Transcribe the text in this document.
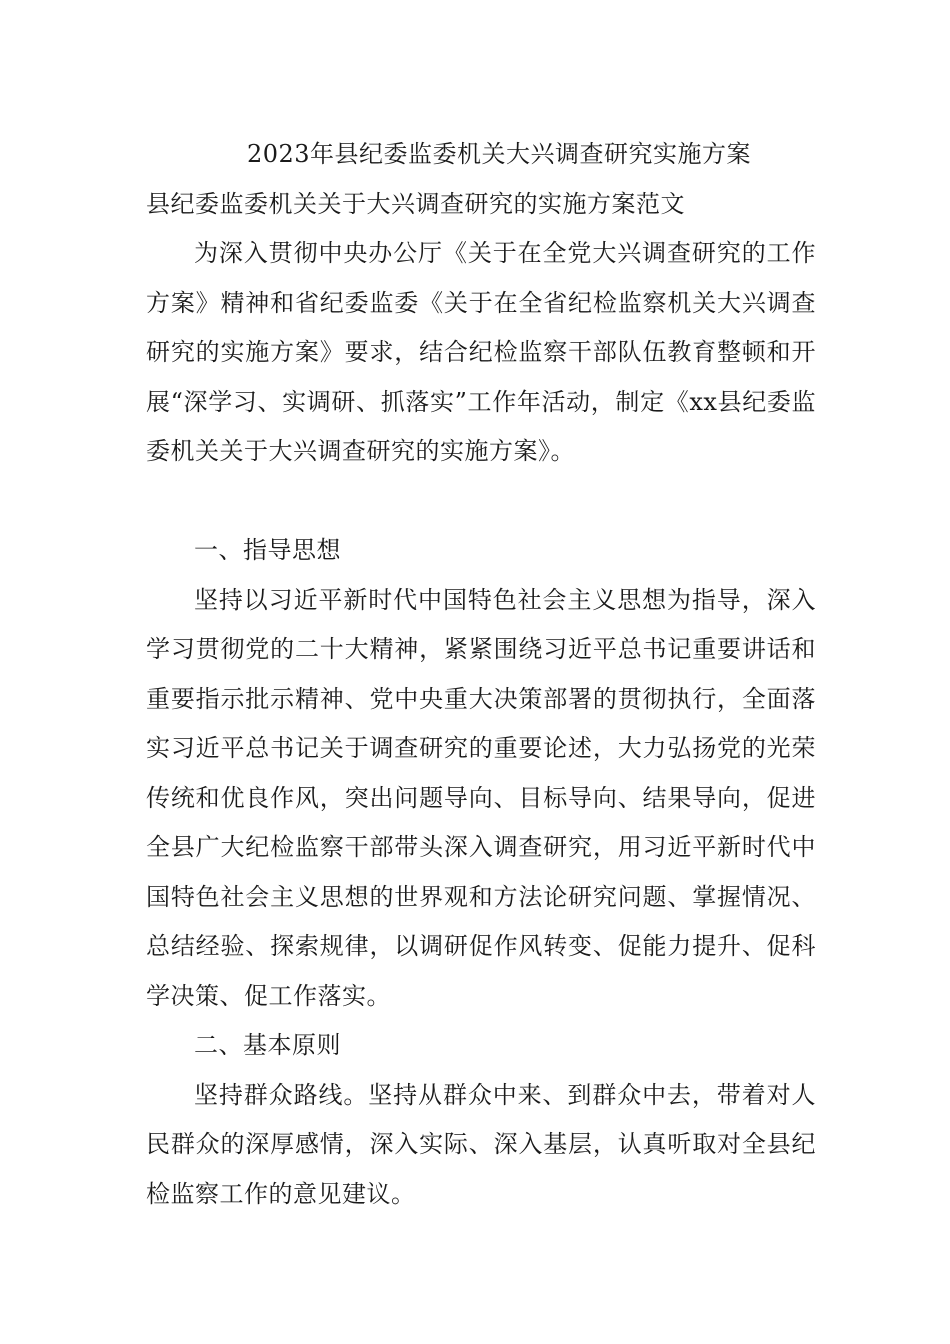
2023年县纪委监委机关大兴调查研究实施方案
县纪委监委机关关于大兴调查研究的实施方案范文

为深入贯彻中央办公厅《关于在全党大兴调查研究的工作方案》精神和省纪委监委《关于在全省纪检监察机关大兴调查研究的实施方案》要求，结合纪检监察干部队伍教育整顿和开展“深学习、实调研、抓落实”工作年活动，制定《xx县纪委监委机关关于大兴调查研究的实施方案》。

一、指导思想

坚持以习近平新时代中国特色社会主义思想为指导，深入学习贯彻党的二十大精神，紧紧围绕习近平总书记重要讲话和重要指示批示精神、党中央重大决策部署的贯彻执行，全面落实习近平总书记关于调查研究的重要论述，大力弘扬党的光荣传统和优良作风，突出问题导向、目标导向、结果导向，促进全县广大纪检监察干部带头深入调查研究，用习近平新时代中国特色社会主义思想的世界观和方法论研究问题、掌握情况、总结经验、探索规律，以调研促作风转变、促能力提升、促科学决策、促工作落实。

二、基本原则

坚持群众路线。坚持从群众中来、到群众中去，带着对人民群众的深厚感情，深入实际、深入基层，认真听取对全县纪检监察工作的意见建议。
